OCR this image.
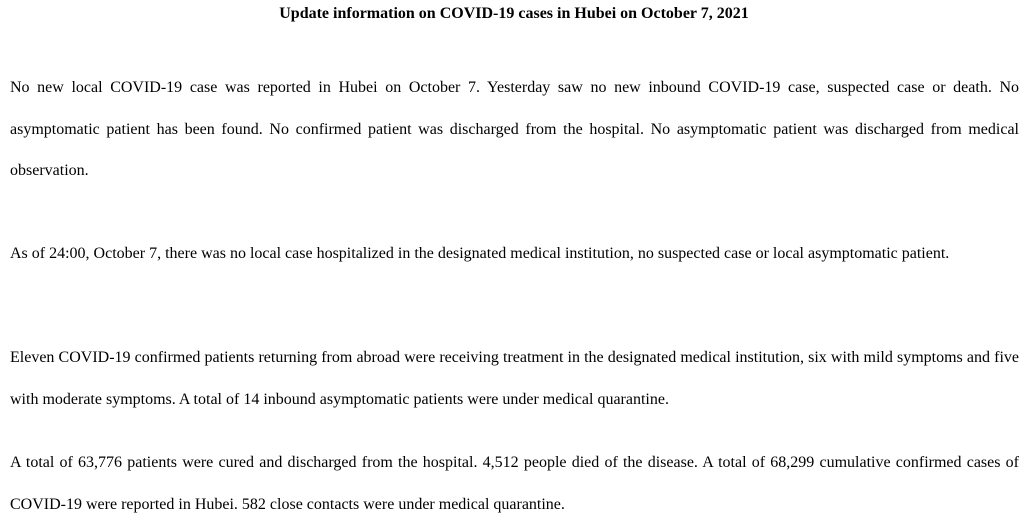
Update information on COVID-19 cases in Hubei on October 7, 2021

No new local COVID-19 case was reported in Hubei on October 7. Yesterday saw no new inbound COVID-19 case, suspected case or death. No asymptomatic patient has been found. No confirmed patient was discharged from the hospital. No asymptomatic patient was discharged from medical observation.

As of 24:00, October 7, there was no local case hospitalized in the designated medical institution, no suspected case or local asymptomatic patient.

Eleven COVID-19 confirmed patients returning from abroad were receiving treatment in the designated medical institution, six with mild symptoms and five with moderate symptoms. A total of 14 inbound asymptomatic patients were under medical quarantine.

A total of 63,776 patients were cured and discharged from the hospital. 4,512 people died of the disease. A total of 68,299 cumulative confirmed cases of COVID-19 were reported in Hubei. 582 close contacts were under medical quarantine.
